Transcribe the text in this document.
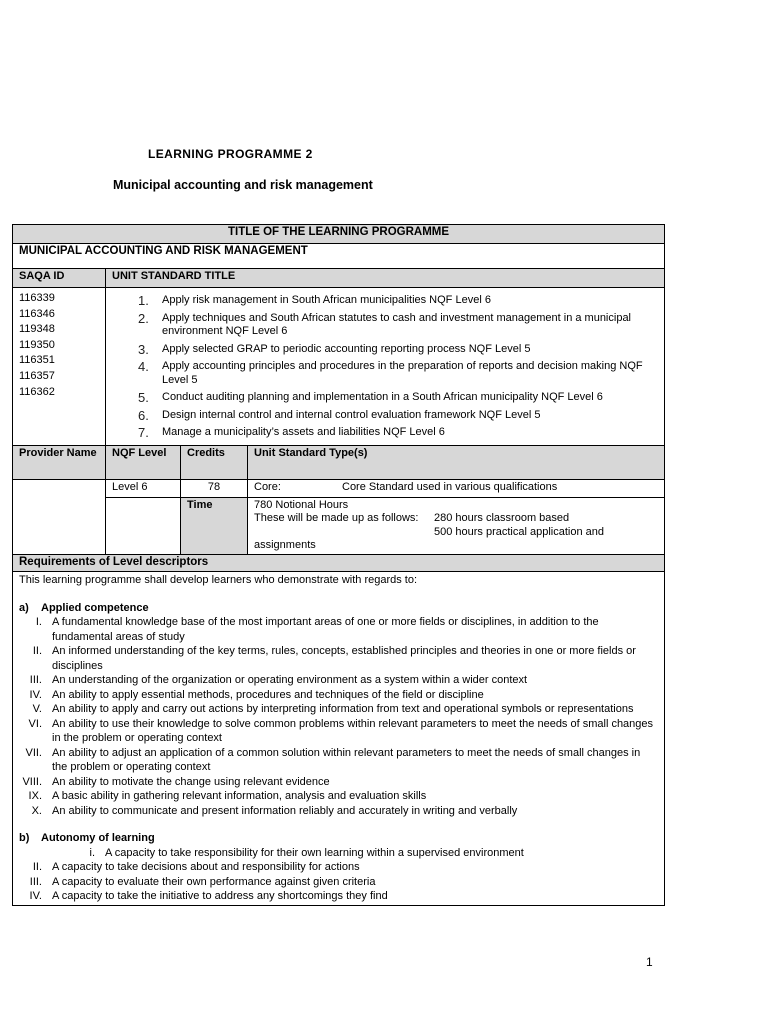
LEARNING PROGRAMME 2
Municipal accounting and risk management
TITLE OF THE LEARNING PROGRAMME			
MUNICIPAL ACCOUNTING AND RISK MANAGEMENT			
SAQA ID	UNIT STANDARD TITLE		

116339
116346
119348
119350
116351
116357
116362

1.	Apply risk management in South African municipalities NQF Level 6
2.	Apply techniques and South African statutes to cash and investment management in a municipal environment NQF Level 6
3.	Apply selected GRAP to periodic accounting reporting process NQF Level 5
4.	Apply accounting principles and procedures in the preparation of reports and decision making NQF Level 5
5.	Conduct auditing planning and implementation in a South African municipality NQF Level 6
6.	Design internal control and internal control evaluation framework NQF Level 5
7.	Manage a municipality’s assets and liabilities NQF Level 6

Provider Name	NQF Level	Credits	Unit Standard Type(s)
	Level 6	78	Core: Core Standard used in various qualifications

		Time	780 Notional Hours
These will be made up as follows: 280 hours classroom based
500 hours practical application and
assignments

Requirements of Level descriptors			

This learning programme shall develop learners who demonstrate with regards to:
a)	Applied competence
I. A fundamental knowledge base of the most important areas of one or more fields or disciplines, in addition to the fundamental areas of study
II. An informed understanding of the key terms, rules, concepts, established principles and theories in one or more fields or disciplines
III. An understanding of the organization or operating environment as a system within a wider context
IV. An ability to apply essential methods, procedures and techniques of the field or discipline
V. An ability to apply and carry out actions by interpreting information from text and operational symbols or representations
VI. An ability to use their knowledge to solve common problems within relevant parameters to meet the needs of small changes in the problem or operating context
VII. An ability to adjust an application of a common solution within relevant parameters to meet the needs of small changes in the problem or operating context
VIII. An ability to motivate the change using relevant evidence
IX. A basic ability in gathering relevant information, analysis and evaluation skills
X. An ability to communicate and present information reliably and accurately in writing and verbally
b)	Autonomy of learning
i. A capacity to take responsibility for their own learning within a supervised environment
II. A capacity to take decisions about and responsibility for actions
III. A capacity to evaluate their own performance against given criteria
IV. A capacity to take the initiative to address any shortcomings they find
1
